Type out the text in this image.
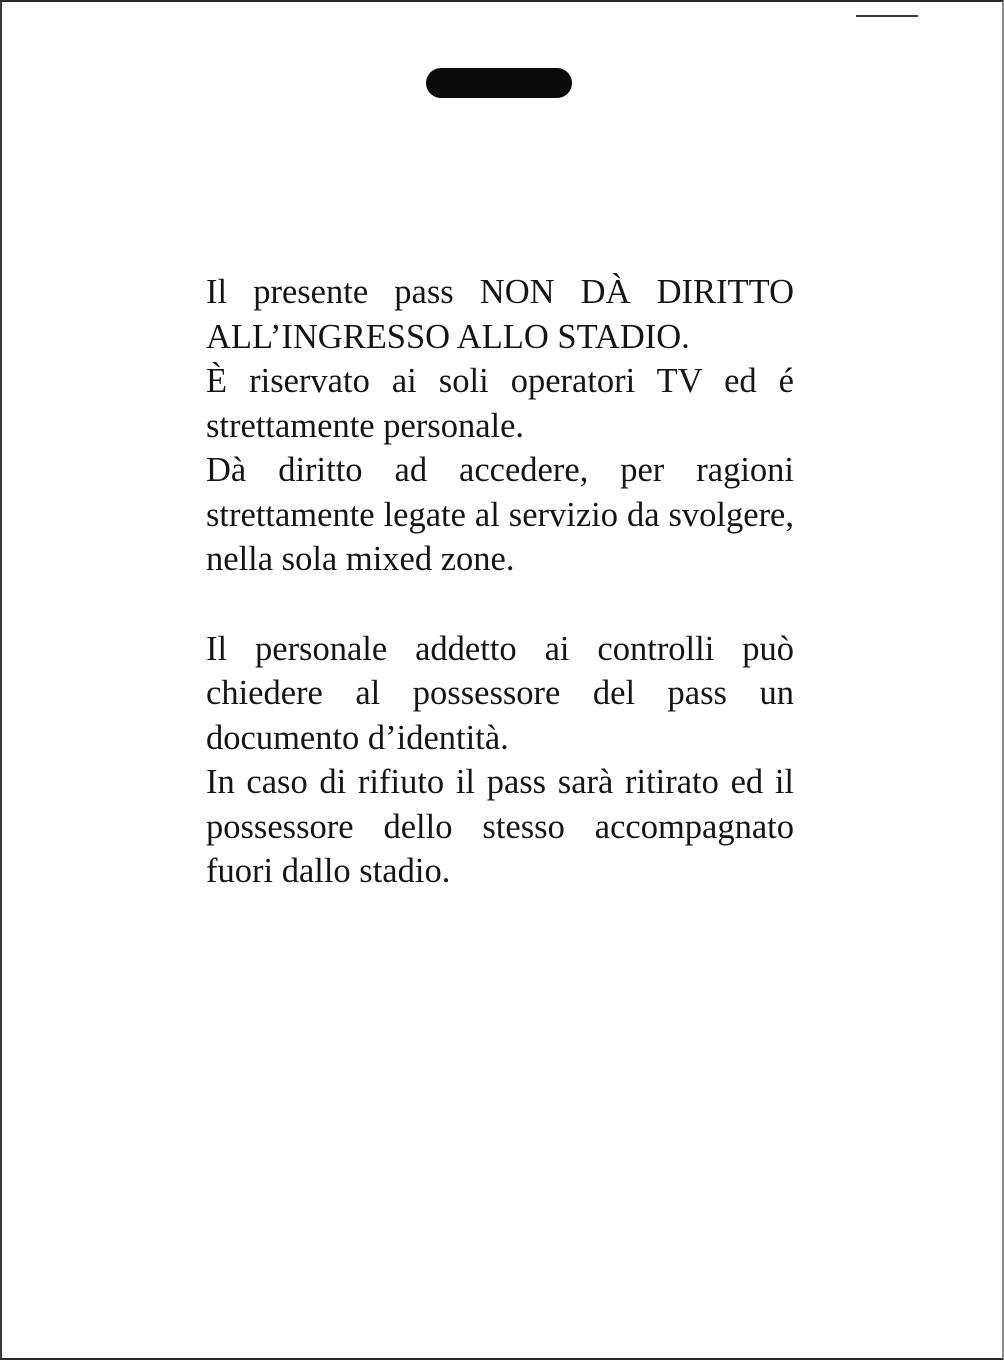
Il presente pass NON DÀ DIRITTO ALL’INGRESSO ALLO STADIO.

È riservato ai soli operatori TV ed é strettamente personale.

Dà diritto ad accedere, per ragioni strettamente legate al servizio da svolgere, nella sola mixed zone.

Il personale addetto ai controlli può chiedere al possessore del pass un documento d’identità.

In caso di rifiuto il pass sarà ritirato ed il possessore dello stesso accompagnato fuori dallo stadio.
